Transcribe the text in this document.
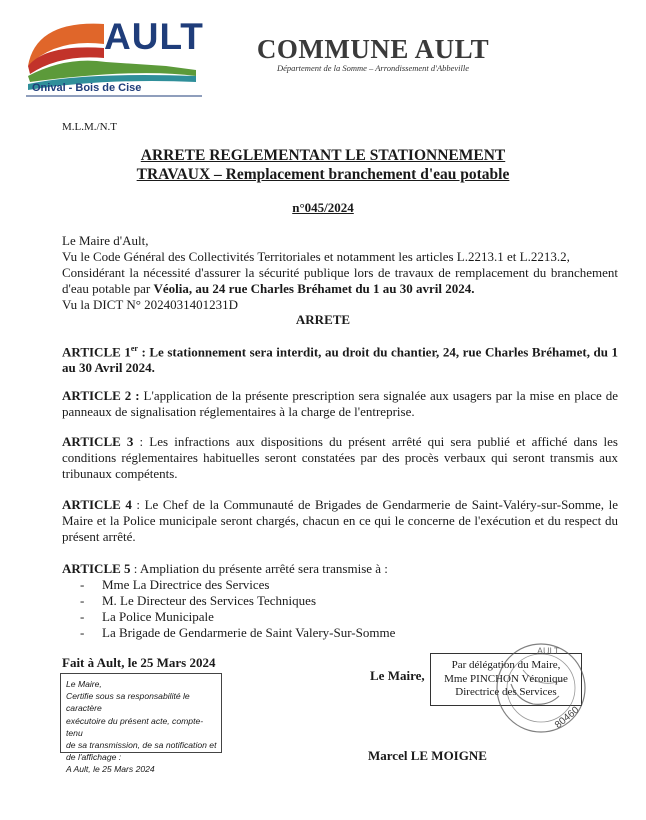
AULT
Onival - Bois de Cise
COMMUNE AULT
Département de la Somme – Arrondissement d'Abbeville
M.L.M./N.T
ARRETE REGLEMENTANT LE STATIONNEMENT
TRAVAUX – Remplacement branchement d'eau potable
n°045/2024
Le Maire d'Ault,
Vu le Code Général des Collectivités Territoriales et notamment les articles L.2213.1 et L.2213.2,
Considérant la nécessité d'assurer la sécurité publique lors de travaux de remplacement du branchement d'eau potable par Véolia, au 24 rue Charles Bréhamet du 1 au 30 avril 2024.
Vu la DICT N° 2024031401231D
ARRETE
ARTICLE 1er : Le stationnement sera interdit, au droit du chantier, 24, rue Charles Bréhamet, du 1 au 30 Avril 2024.
ARTICLE 2 : L'application de la présente prescription sera signalée aux usagers par la mise en place de panneaux de signalisation réglementaires à la charge de l'entreprise.
ARTICLE 3 : Les infractions aux dispositions du présent arrêté qui sera publié et affiché dans les conditions réglementaires habituelles seront constatées par des procès verbaux qui seront transmis aux tribunaux compétents.
ARTICLE 4 : Le Chef de la Communauté de Brigades de Gendarmerie de Saint-Valéry-sur-Somme, le Maire et la Police municipale seront chargés, chacun en ce qui le concerne de l'exécution et du respect du présent arrêté.
ARTICLE 5 : Ampliation du présente arrêté sera transmise à :
- Mme La Directrice des Services
- M. Le Directeur des Services Techniques
- La Police Municipale
- La Brigade de Gendarmerie de Saint Valery-Sur-Somme
Fait à Ault, le 25 Mars 2024
Le Maire,
Certifie sous sa responsabilité le caractère
exécutoire du présent acte, compte-tenu
de sa transmission, de sa notification et
de l'affichage :
A Ault, le 25 Mars 2024
Le Maire,
Par délégation du Maire,
Mme PINCHON Véronique
Directrice des Services
AULT
80460
Marcel LE MOIGNE
